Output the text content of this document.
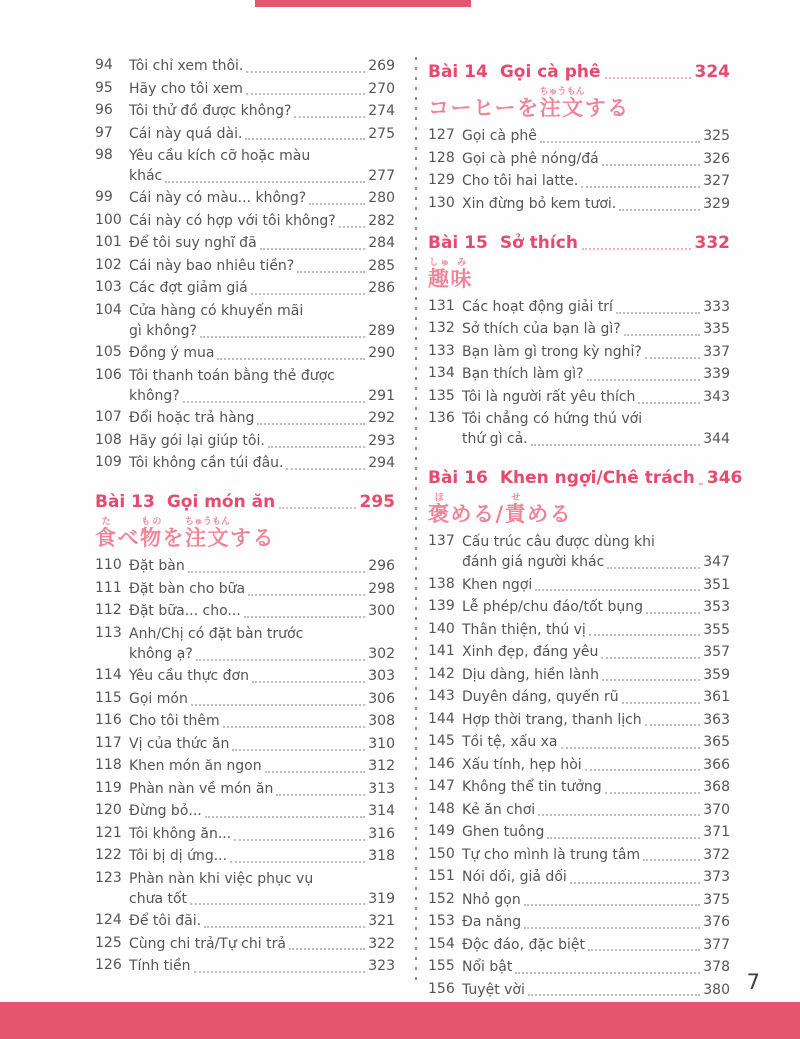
94	Tôi chỉ xem thôi.	269
95	Hãy cho tôi xem	270
96	Tôi thử đồ được không?	274
97	Cái này quá dài.	275
98	Yêu cầu kích cỡ hoặc màu
khác	277
99	Cái này có màu... không?	280
100 Cái này có hợp với tôi không? 282
101 Để tôi suy nghĩ đã	284
102 Cái này bao nhiêu tiền?	285
103 Các đợt giảm giá	286
104 Cửa hàng có khuyến mãi
gì không?	289
105 Đồng ý mua	290
106 Tôi thanh toán bằng thẻ được
không?	291
107 Đổi hoặc trả hàng	292
108 Hãy gói lại giúp tôi.	293
109 Tôi không cần túi đâu.	294
Bài 13 Gọi món ăn	295
食たべ物ものを注文ちゅうもんする
110 Đặt bàn	296
111 Đặt bàn cho bữa	298
112 Đặt bữa... cho...	300
113 Anh/Chị có đặt bàn trước
không ạ?	302
114 Yêu cầu thực đơn	303
115 Gọi món	306
116 Cho tôi thêm	308
117 Vị của thức ăn	310
118 Khen món ăn ngon	312
119 Phàn nàn về món ăn	313
120 Đừng bỏ...	314
121 Tôi không ăn...	316
122 Tôi bị dị ứng...	318
123 Phàn nàn khi việc phục vụ
chưa tốt	319
124 Để tôi đãi.	321
125 Cùng chi trả/Tự chi trả	322
126 Tính tiền	323
Bài 14 Gọi cà phê	324
コーヒーを注文ちゅうもんする
127 Gọi cà phê	325
128 Gọi cà phê nóng/đá	326
129 Cho tôi hai latte.	327
130 Xin đừng bỏ kem tươi.	329
Bài 15 Sở thích	332
趣しゅ味み
131 Các hoạt động giải trí	333
132 Sở thích của bạn là gì?	335
133 Bạn làm gì trong kỳ nghỉ?	337
134 Bạn thích làm gì?	339
135 Tôi là người rất yêu thích	343
136 Tôi chẳng có hứng thú với
thứ gì cả.	344
Bài 16 Khen ngợi/Chê trách 346
褒ほめる/責せめる
137 Cấu trúc câu được dùng khi
đánh giá người khác	347
138 Khen ngợi	351
139 Lễ phép/chu đáo/tốt bụng	353
140 Thân thiện, thú vị	355
141 Xinh đẹp, đáng yêu	357
142 Dịu dàng, hiền lành	359
143 Duyên dáng, quyến rũ	361
144 Hợp thời trang, thanh lịch	363
145 Tồi tệ, xấu xa	365
146 Xấu tính, hẹp hòi	366
147 Không thể tin tưởng	368
148 Kẻ ăn chơi	370
149 Ghen tuông	371
150 Tự cho mình là trung tâm	372
151 Nói dối, giả dối	373
152 Nhỏ gọn	375
153 Đa năng	376
154 Độc đáo, đặc biệt	377
155 Nổi bật	378
156 Tuyệt vời	380 7
